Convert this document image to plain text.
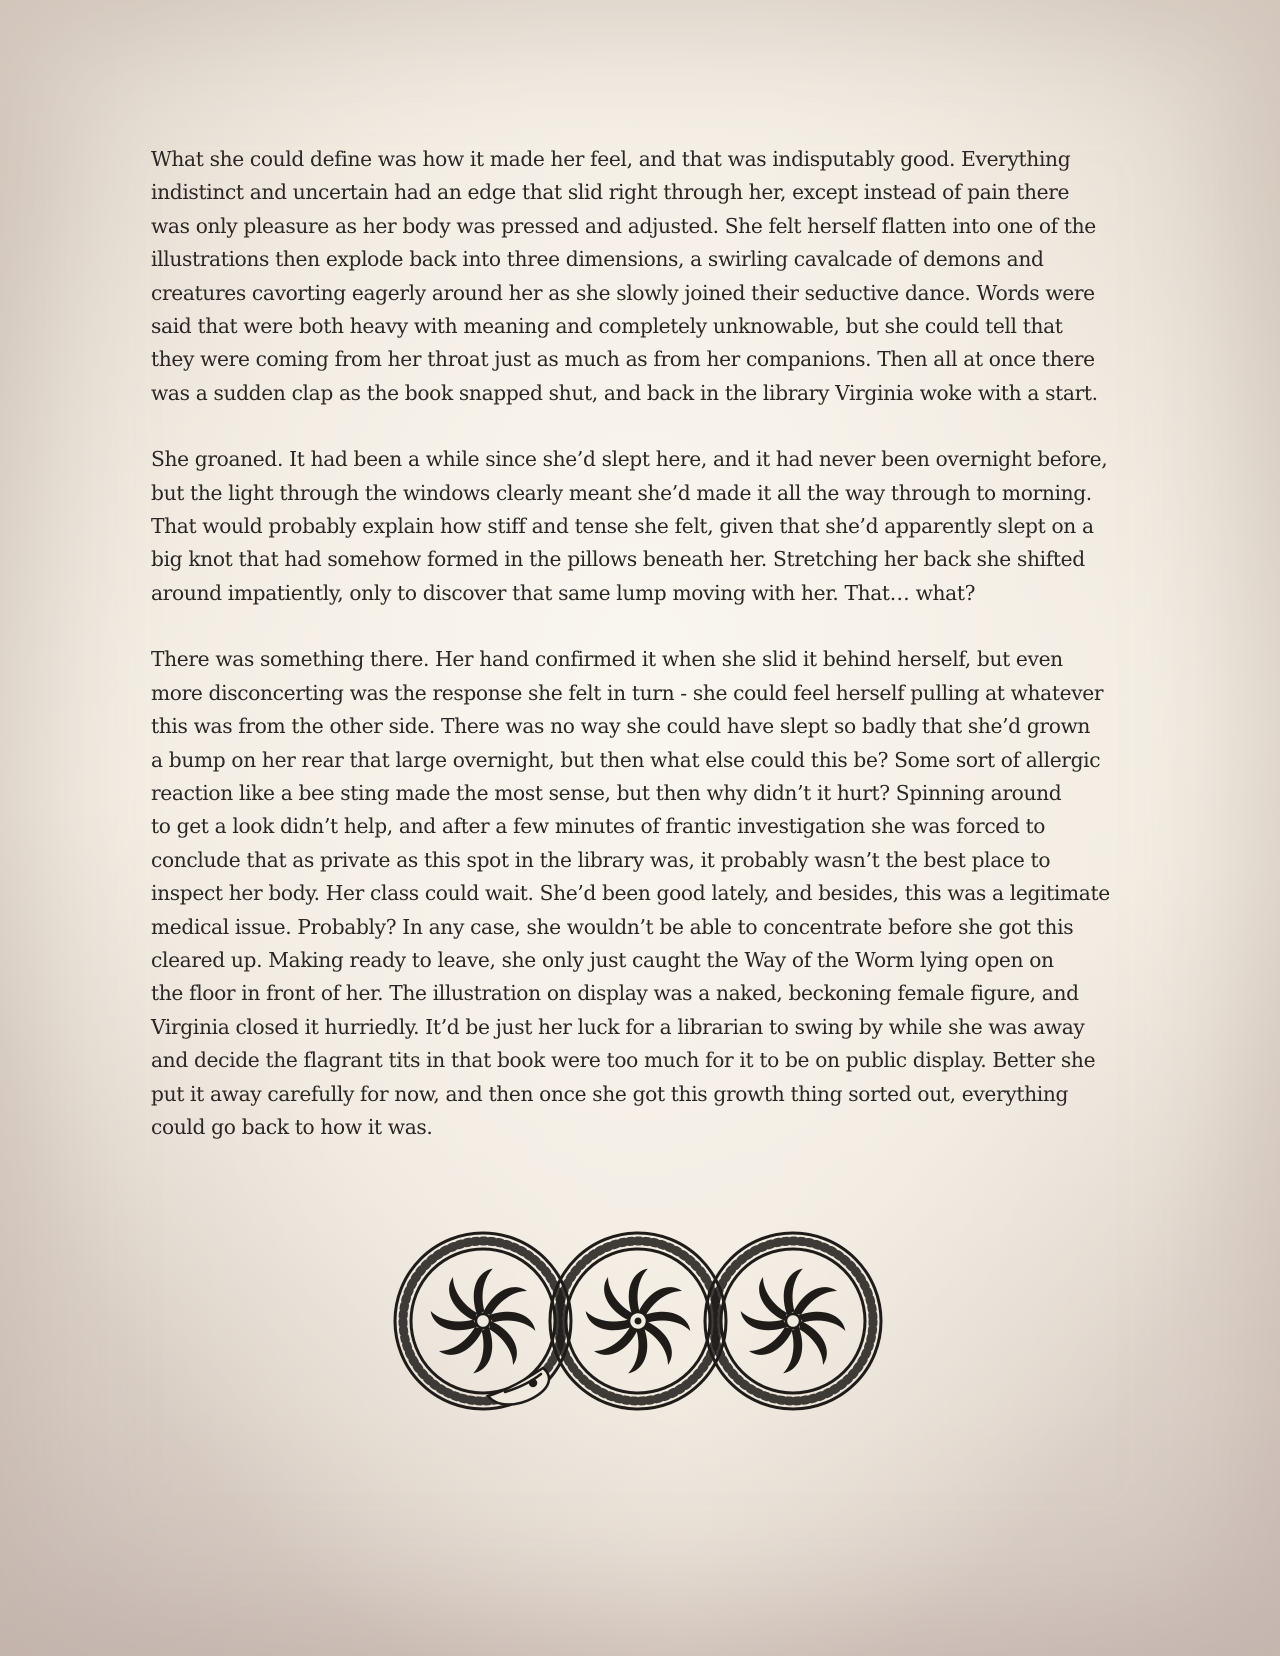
What she could define was how it made her feel, and that was indisputably good. Everything
indistinct and uncertain had an edge that slid right through her, except instead of pain there
was only pleasure as her body was pressed and adjusted. She felt herself flatten into one of the
illustrations then explode back into three dimensions, a swirling cavalcade of demons and
creatures cavorting eagerly around her as she slowly joined their seductive dance. Words were
said that were both heavy with meaning and completely unknowable, but she could tell that
they were coming from her throat just as much as from her companions. Then all at once there
was a sudden clap as the book snapped shut, and back in the library Virginia woke with a start.

She groaned. It had been a while since she’d slept here, and it had never been overnight before,
but the light through the windows clearly meant she’d made it all the way through to morning.
That would probably explain how stiff and tense she felt, given that she’d apparently slept on a
big knot that had somehow formed in the pillows beneath her. Stretching her back she shifted
around impatiently, only to discover that same lump moving with her. That… what?

There was something there. Her hand confirmed it when she slid it behind herself, but even
more disconcerting was the response she felt in turn - she could feel herself pulling at whatever
this was from the other side. There was no way she could have slept so badly that she’d grown
a bump on her rear that large overnight, but then what else could this be? Some sort of allergic
reaction like a bee sting made the most sense, but then why didn’t it hurt? Spinning around
to get a look didn’t help, and after a few minutes of frantic investigation she was forced to
conclude that as private as this spot in the library was, it probably wasn’t the best place to
inspect her body. Her class could wait. She’d been good lately, and besides, this was a legitimate
medical issue. Probably? In any case, she wouldn’t be able to concentrate before she got this
cleared up. Making ready to leave, she only just caught the Way of the Worm lying open on
the floor in front of her. The illustration on display was a naked, beckoning female figure, and
Virginia closed it hurriedly. It’d be just her luck for a librarian to swing by while she was away
and decide the flagrant tits in that book were too much for it to be on public display. Better she
put it away carefully for now, and then once she got this growth thing sorted out, everything
could go back to how it was.
